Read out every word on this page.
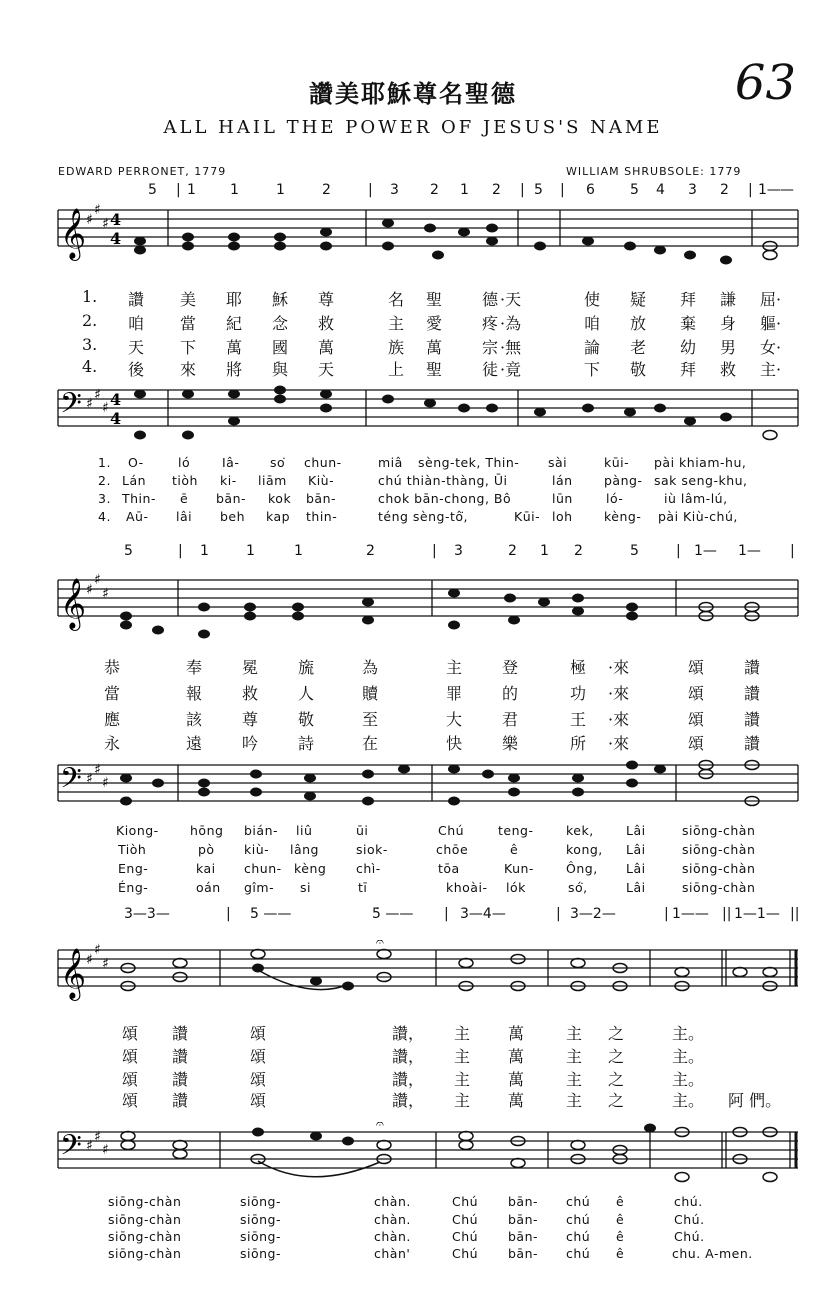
63
讚美耶穌尊名聖德
ALL HAIL THE POWER OF JESUS'S NAME
EDWARD PERRONET, 1779	WILLIAM SHRUBSOLE: 1779
5 | 1 1	1	2	| 3 2 1 2 | 5 | 6	5 4 3 2 | 1— —
𝄞 ♯
♯
♯ 4
4
1. 讚 美 耶 穌 尊	名 聖 德 ·天	使 疑 拜 謙 屈·
2. 咱 當 紀 念 救	主 愛 疼 ·為	咱 放 棄 身 軀·
3. 天 下 萬 國 萬	族 萬 宗 ·無	論 老 幼 男 女·
4. 後 來 將 與 天	上 聖 徒 ·竟	下 敬 拜 救 主·
𝄢 ♯
♯
♯ 4
4
1. O-	ló	Iâ- so͘ chun-	miâ sèng-tek, Thin- sài	kūi- pài khiam-hu,
2. Lán tiòh ki- liām Kiù-	chú thiàn-thàng, Ūi	lán	pàng- sak seng-khu,
3. Thin- ē bān- kok bān-	chok bān-chong, Bô	lūn	ló-	iù lâm-lú,
4. Aū- lâi beh kap thin-	téng sèng-tô͘,	Kūi- loh	kèng- pài Kiù-chú,
5	| 1	1	1	2	| 3	2 1 2	5	| 1— 1— |
𝄞 ♯
♯
♯
恭	奉 冕 旒	為	主 登	極 ·來	頌 讚
當	報 救 人	贖	罪 的	功 ·來	頌 讚
應	該 尊 敬	至	大 君	王 ·來	頌 讚
永	遠 吟 詩	在	快 樂	所 ·來	頌 讚
𝄢 ♯
♯
♯
Kiong-	hōng bián- liû	ūi	Chú	teng-	kek,	Lâi	siōng-chàn
Tiòh	pò kiù- lâng	siok-	chōe	ê	kong, Lâi	siōng-chàn
Eng-	kai chun- kèng chì-	tōa	Kun-	Ông, Lâi	siōng-chàn
Éng-	oán gîm- si	tī	khoài- lók	só͘,	Lâi	siōng-chàn
3—3—	| 5 ——	5̇ —— | 3—4—	| 3—2—	| 1—— || 1—1— ||
𝄞 ♯
♯
♯
𝄐
頌 讚	頌	讚， 主 萬	主 之	主。
頌 讚	頌	讚， 主 萬	主 之	主。
頌 讚	頌	讚， 主 萬	主 之	主。
頌 讚	頌	讚， 主 萬	主 之	主。 阿 們。
𝄢 ♯
♯
♯
𝄐
siōng-chàn	siōng-	chàn.	Chú bān- chú ê	chú.
siōng-chàn	siōng-	chàn.	Chú bān- chú ê	Chú.
siōng-chàn	siōng-	chàn.	Chú bān- chú ê	Chú.
siōng-chàn	siōng-	chàn'	Chú bān- chú ê	chu. A-men.
